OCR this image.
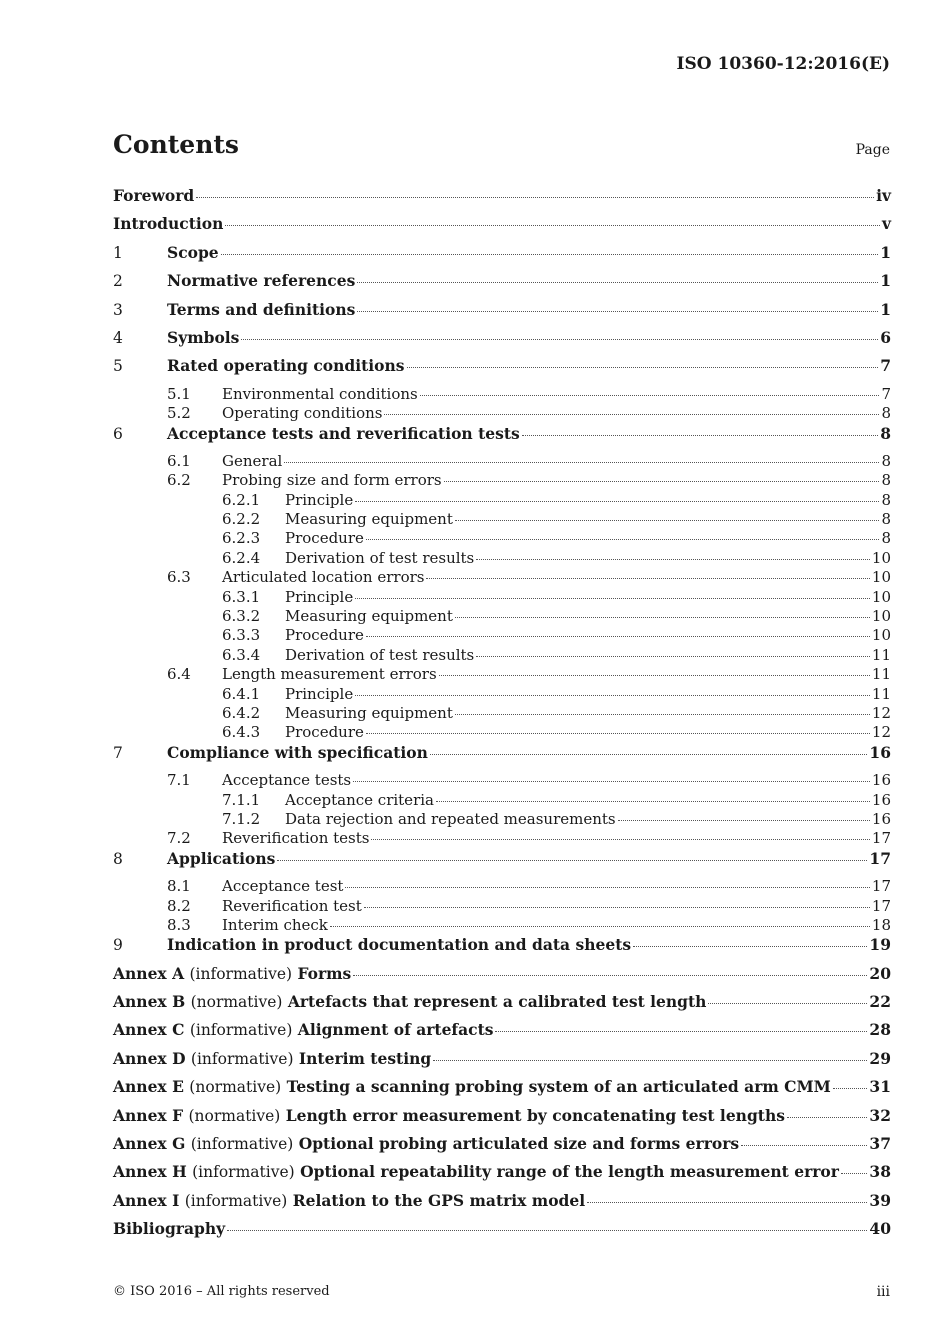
ISO 10360-12:2016(E)
Contents	Page
Foreword	iv
Introduction	v
1	Scope	1
2	Normative references	1
3	Terms and definitions	1
4	Symbols	6
5	Rated operating conditions	7
5.1	Environmental conditions	7
5.2	Operating conditions	8
6	Acceptance tests and reverification tests	8
6.1	General	8
6.2	Probing size and form errors	8
6.2.1	Principle	8
6.2.2	Measuring equipment	8
6.2.3	Procedure	8
6.2.4	Derivation of test results	10
6.3	Articulated location errors	10
6.3.1	Principle	10
6.3.2	Measuring equipment	10
6.3.3	Procedure	10
6.3.4	Derivation of test results	11
6.4	Length measurement errors	11
6.4.1	Principle	11
6.4.2	Measuring equipment	12
6.4.3	Procedure	12
7	Compliance with specification	16
7.1	Acceptance tests	16
7.1.1	Acceptance criteria	16
7.1.2	Data rejection and repeated measurements	16
7.2	Reverification tests	17
8	Applications	17
8.1	Acceptance test	17
8.2	Reverification test	17
8.3	Interim check	18
9	Indication in product documentation and data sheets	19
Annex A (informative) Forms	20
Annex B (normative) Artefacts that represent a calibrated test length	22
Annex C (informative) Alignment of artefacts	28
Annex D (informative) Interim testing	29
Annex E (normative) Testing a scanning probing system of an articulated arm CMM 31
Annex F (normative) Length error measurement by concatenating test lengths	32
Annex G (informative) Optional probing articulated size and forms errors	37
Annex H (informative) Optional repeatability range of the length measurement error 38
Annex I (informative) Relation to the GPS matrix model	39
Bibliography	40
© ISO 2016 – All rights reserved	iii
